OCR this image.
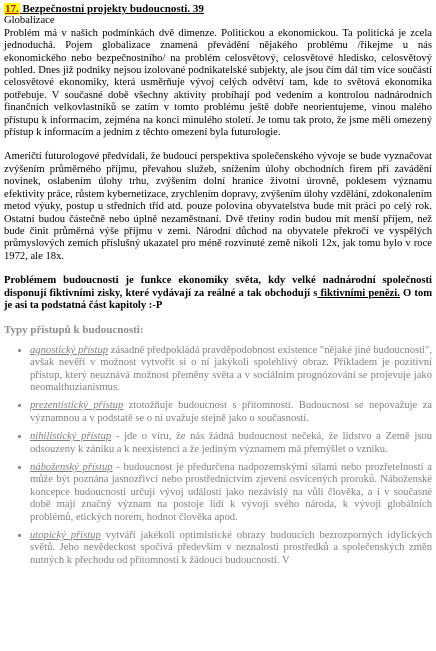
17. Bezpečnostní projekty budoucnosti. 39
Globalizace

Problém má v našich podmínkách dvě dimenze. Politickou a ekonomickou. Ta politická je zcela jednoduchá. Pojem globalizace znamená převádění nějakého problému /řikejme u nás ekonomického nebo bezpečnostního/ na problém celosvětový, celosvětové hledisko, celosvětový pohled. Dnes již podniky nejsou izolované podnikatelské subjekty, ale jsou čím dál tím více součástí celosvětové ekonomiky, která usměrňuje vývoj celých odvětví tam, kde to světová ekonomika potřebuje. V současné době všechny aktivity probíhají pod vedením a kontrolou nadnárodních finančních velkovlastníků se zatím v tomto problému ještě dobře neorientujeme, vinou malého přístupu k informacím, zejména na konci minulého století. Je tomu tak proto, že jsme měli omezený přístup k informacím a jedním z těchto omezení byla futurologie.

Američtí futurologové předvídali, že budoucí perspektiva společenského vývoje se bude vyznačovat zvýšením průměrného příjmu, převahou služeb, snížením úlohy obchodních firem při zavádění novinek, oslabením úlohy trhu, zvýšením dolní hranice životní úrovně, poklesem významu efektivity práce, růstem kybernetizace, zrychlením dopravy, zvýšením úlohy vzdělání, zdokonalením metod výuky, postup u středních tříd atd. pouze polovina obyvatelstva bude mít práci po celý rok. Ostatní budou částečně nebo úplně nezaměstnaní. Dvě třetiny rodin budou mít menší příjem, než bude činit průměrná výše příjmu v zemi. Národní důchod na obyvatele překročí ve vyspělých průmyslových zemích příslušný ukazatel pro méně rozvinuté země nikoli 12x, jak tomu bylo v roce 1972, ale 18x.

Problémem budoucnosti je funkce ekonomiky světa, kdy velké nadnárodní společnosti disponují fiktivními zisky, které vydávají za reálné a tak obchodují s fiktivními penězi. O tom je asi ta podstatná část kapitoly :-P

Typy přístupů k budoucnosti:
• agnostický přístup zásadně předpokládá pravděpodobnost existence "nějaké jiné budoucnosti", avšak nevěří v možnost vytvořit si o ní jakýkoli spolehlivý obraz. Příkladem je pozitivní přístup, který neuznává možnost přeměny světa a v sociálním prognózování se projevuje jako neomalthuzianismus.
• prezentistický přístup ztotožňuje budoucnost s přítomností. Budoucnost se nepovažuje za významnou a v podstatě se o ní uvažuje stejně jako o současnosti.
• nihilistický přístup - jde o víru, že nás žádná budoucnost nečeká, že lidstvo a Země jsou odsouzeny k zániku a k neexistenci a že jediným významem má přemýšlet o vzniku.
• náboženský přístup - budoucnost je předurčena nadpozemskými silami nebo prozřetelností a může být poznána jasnozřivcí nebo prostřednictvím zjevení osvícených proroků. Náboženské koncepce budoucnosti určují vývoj událostí jako nezávislý na vůli člověka, a i v současné době mají značný význam na postoje lidí k vývoji svého národa, k vývoji globálních problémů, etických norem, hodnot člověka apod.
• utopický přístup vytváří jakékoli optimistické obrazy budoucích bezrozporných idylických světů. Jeho nevědeckost spočívá především v neznalosti prostředků a společenských změn nutných k přechodu od přítomnosti k žádoucí budoucnosti. V
